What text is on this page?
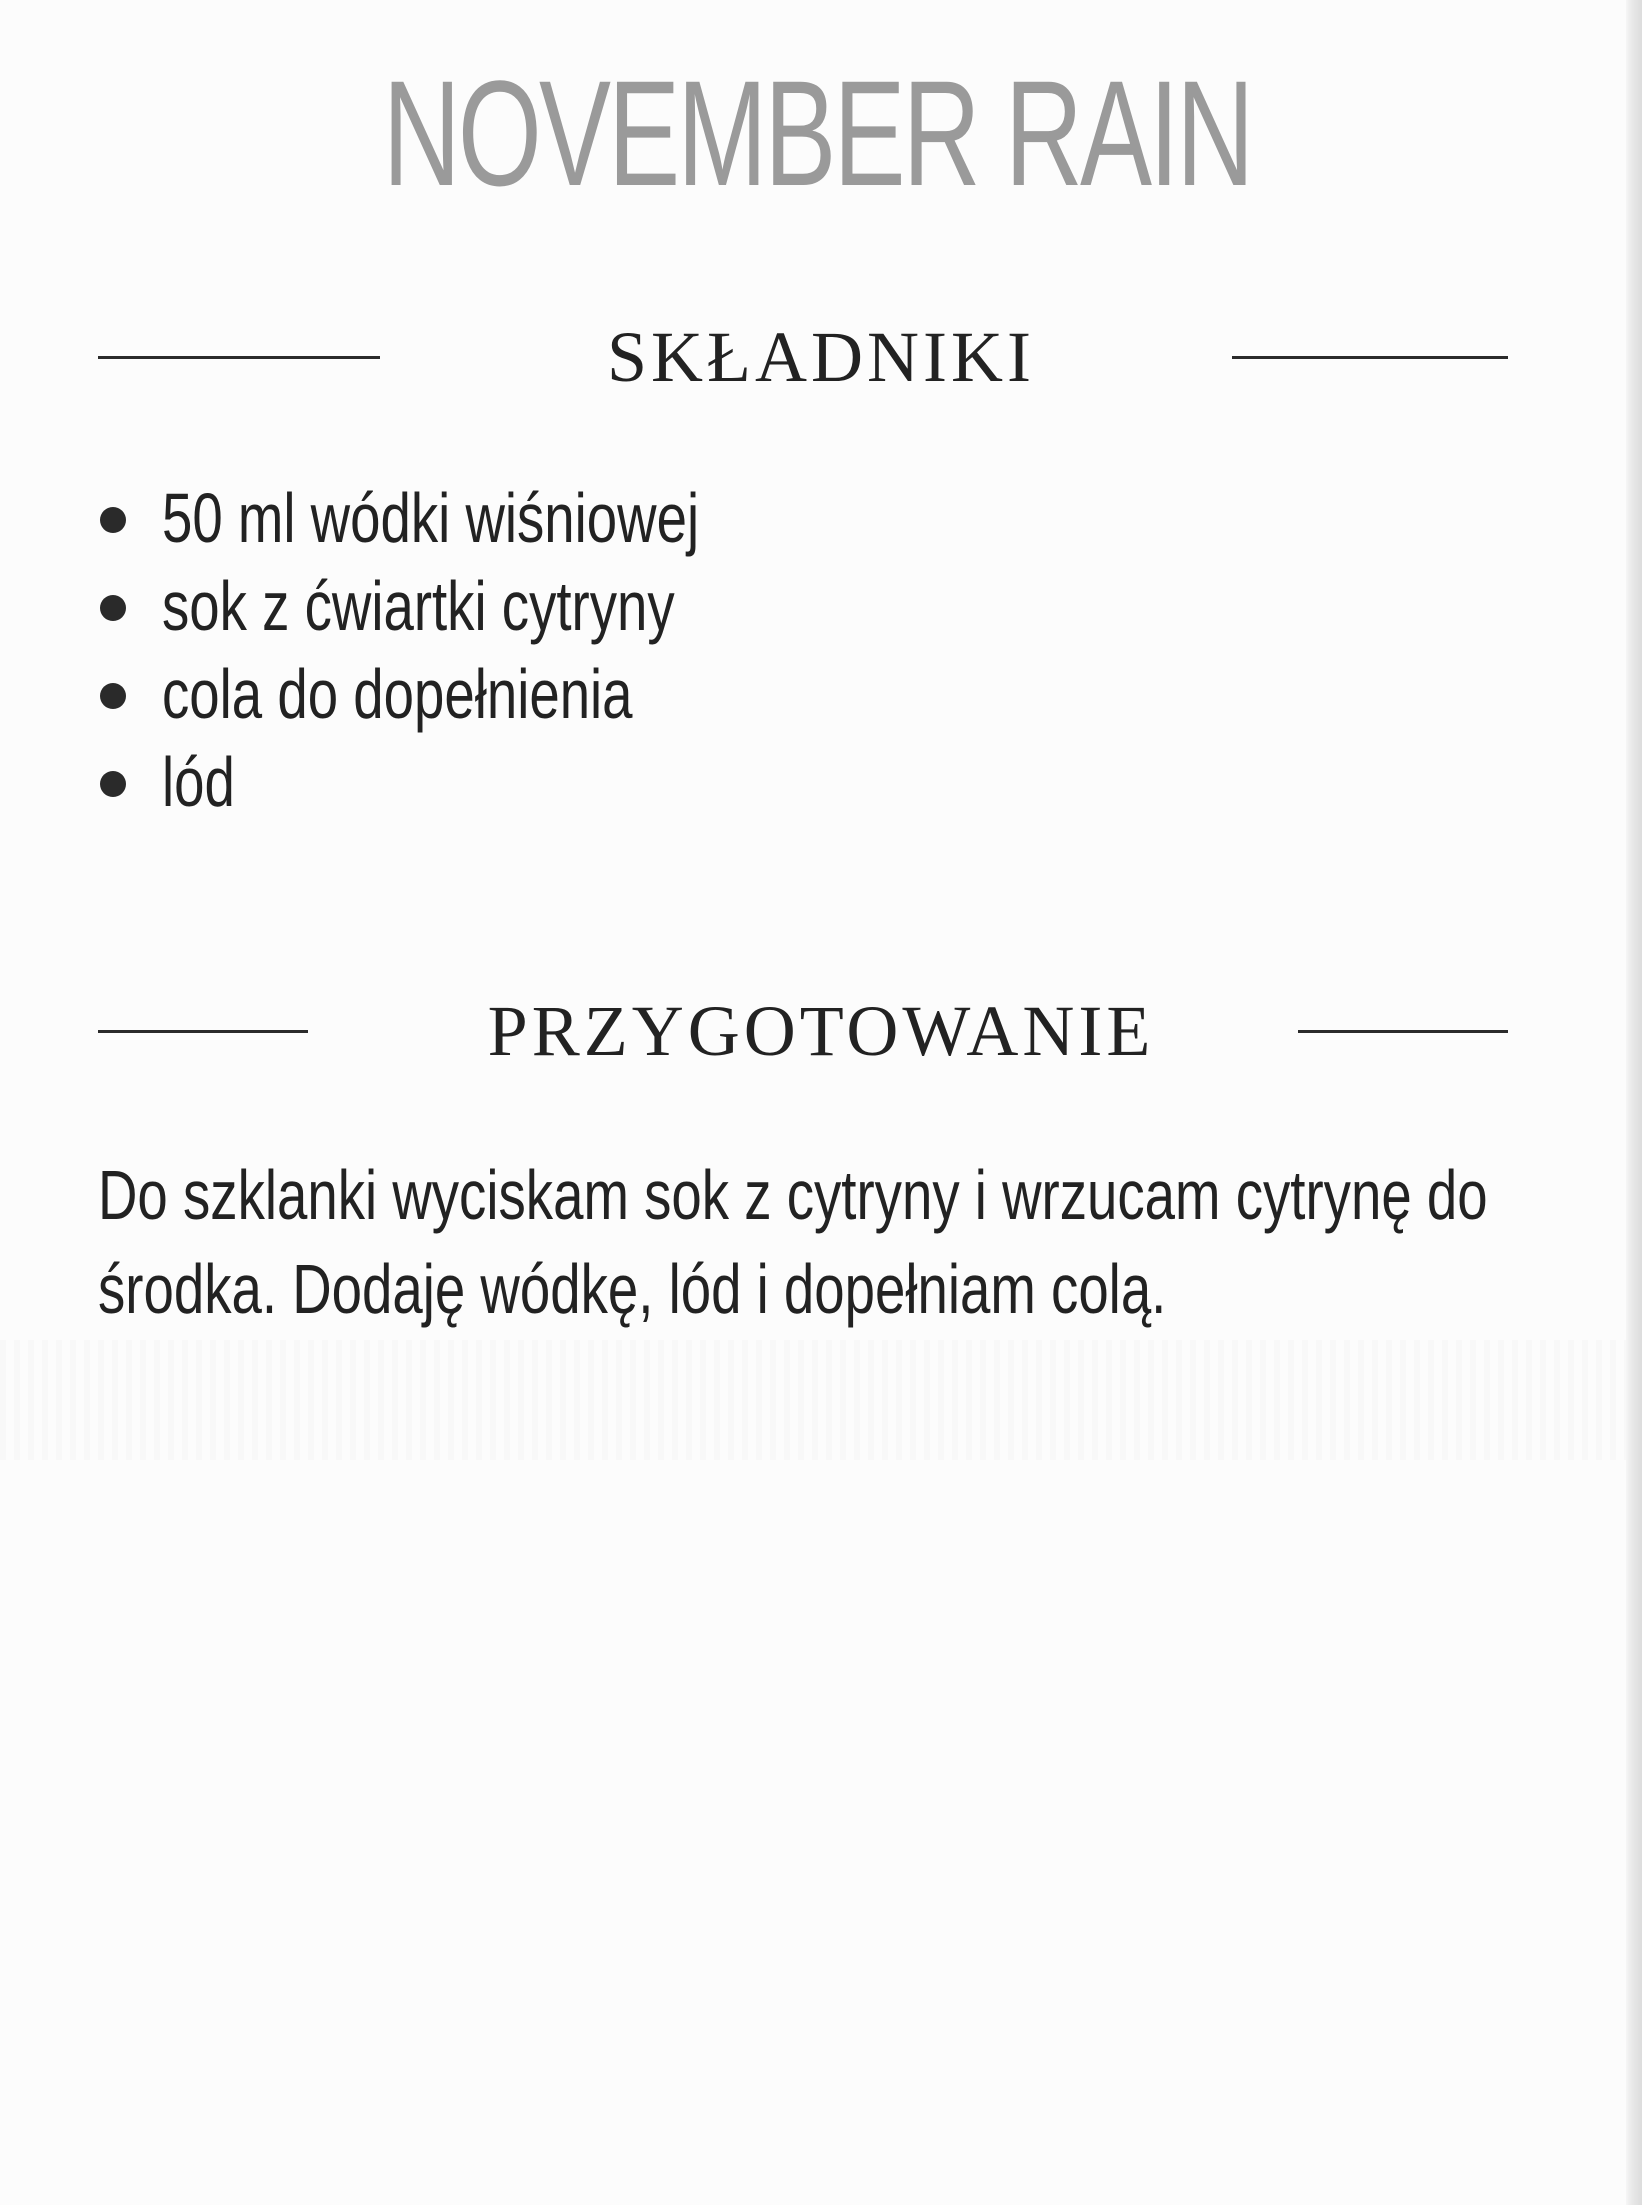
NOVEMBER RAIN
SKŁADNIKI
50 ml wódki wiśniowej
sok z ćwiartki cytryny
cola do dopełnienia
lód
PRZYGOTOWANIE

Do szklanki wyciskam sok z cytryny i wrzucam cytrynę do środka. Dodaję wódkę, lód i dopełniam colą.
